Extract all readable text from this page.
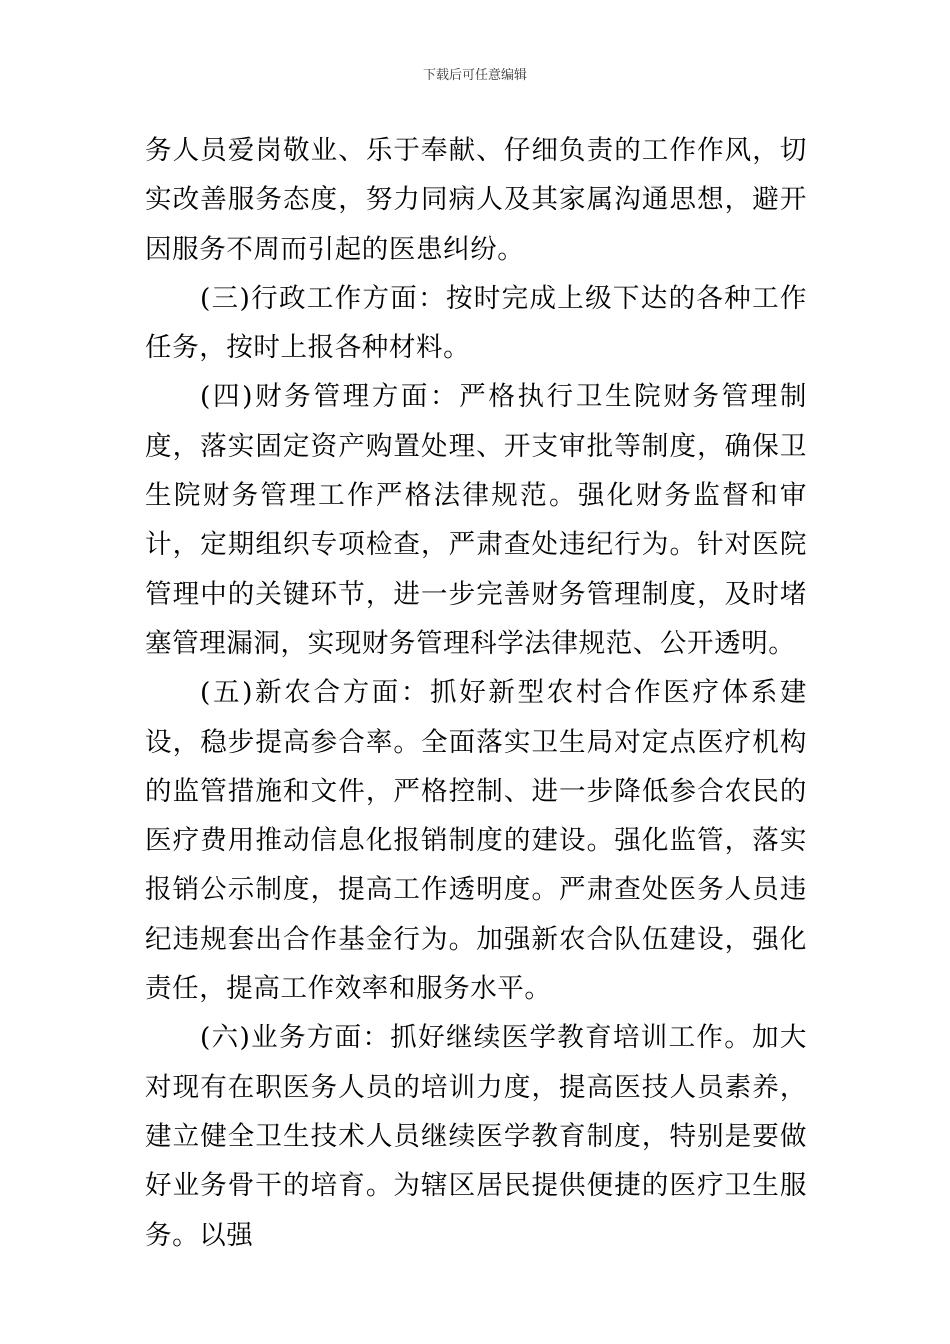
下载后可任意编辑

务人员爱岗敬业、乐于奉献、仔细负责的工作作风，切实改善服务态度，努力同病人及其家属沟通思想，避开因服务不周而引起的医患纠纷。

(三)行政工作方面：按时完成上级下达的各种工作任务，按时上报各种材料。

(四)财务管理方面：严格执行卫生院财务管理制度，落实固定资产购置处理、开支审批等制度，确保卫生院财务管理工作严格法律规范。强化财务监督和审计，定期组织专项检查，严肃查处违纪行为。针对医院管理中的关键环节，进一步完善财务管理制度，及时堵塞管理漏洞，实现财务管理科学法律规范、公开透明。

(五)新农合方面：抓好新型农村合作医疗体系建设，稳步提高参合率。全面落实卫生局对定点医疗机构的监管措施和文件，严格控制、进一步降低参合农民的医疗费用推动信息化报销制度的建设。强化监管，落实报销公示制度，提高工作透明度。严肃查处医务人员违纪违规套出合作基金行为。加强新农合队伍建设，强化责任，提高工作效率和服务水平。

(六)业务方面：抓好继续医学教育培训工作。加大对现有在职医务人员的培训力度，提高医技人员素养，建立健全卫生技术人员继续医学教育制度，特别是要做好业务骨干的培育。为辖区居民提供便捷的医疗卫生服务。以强
